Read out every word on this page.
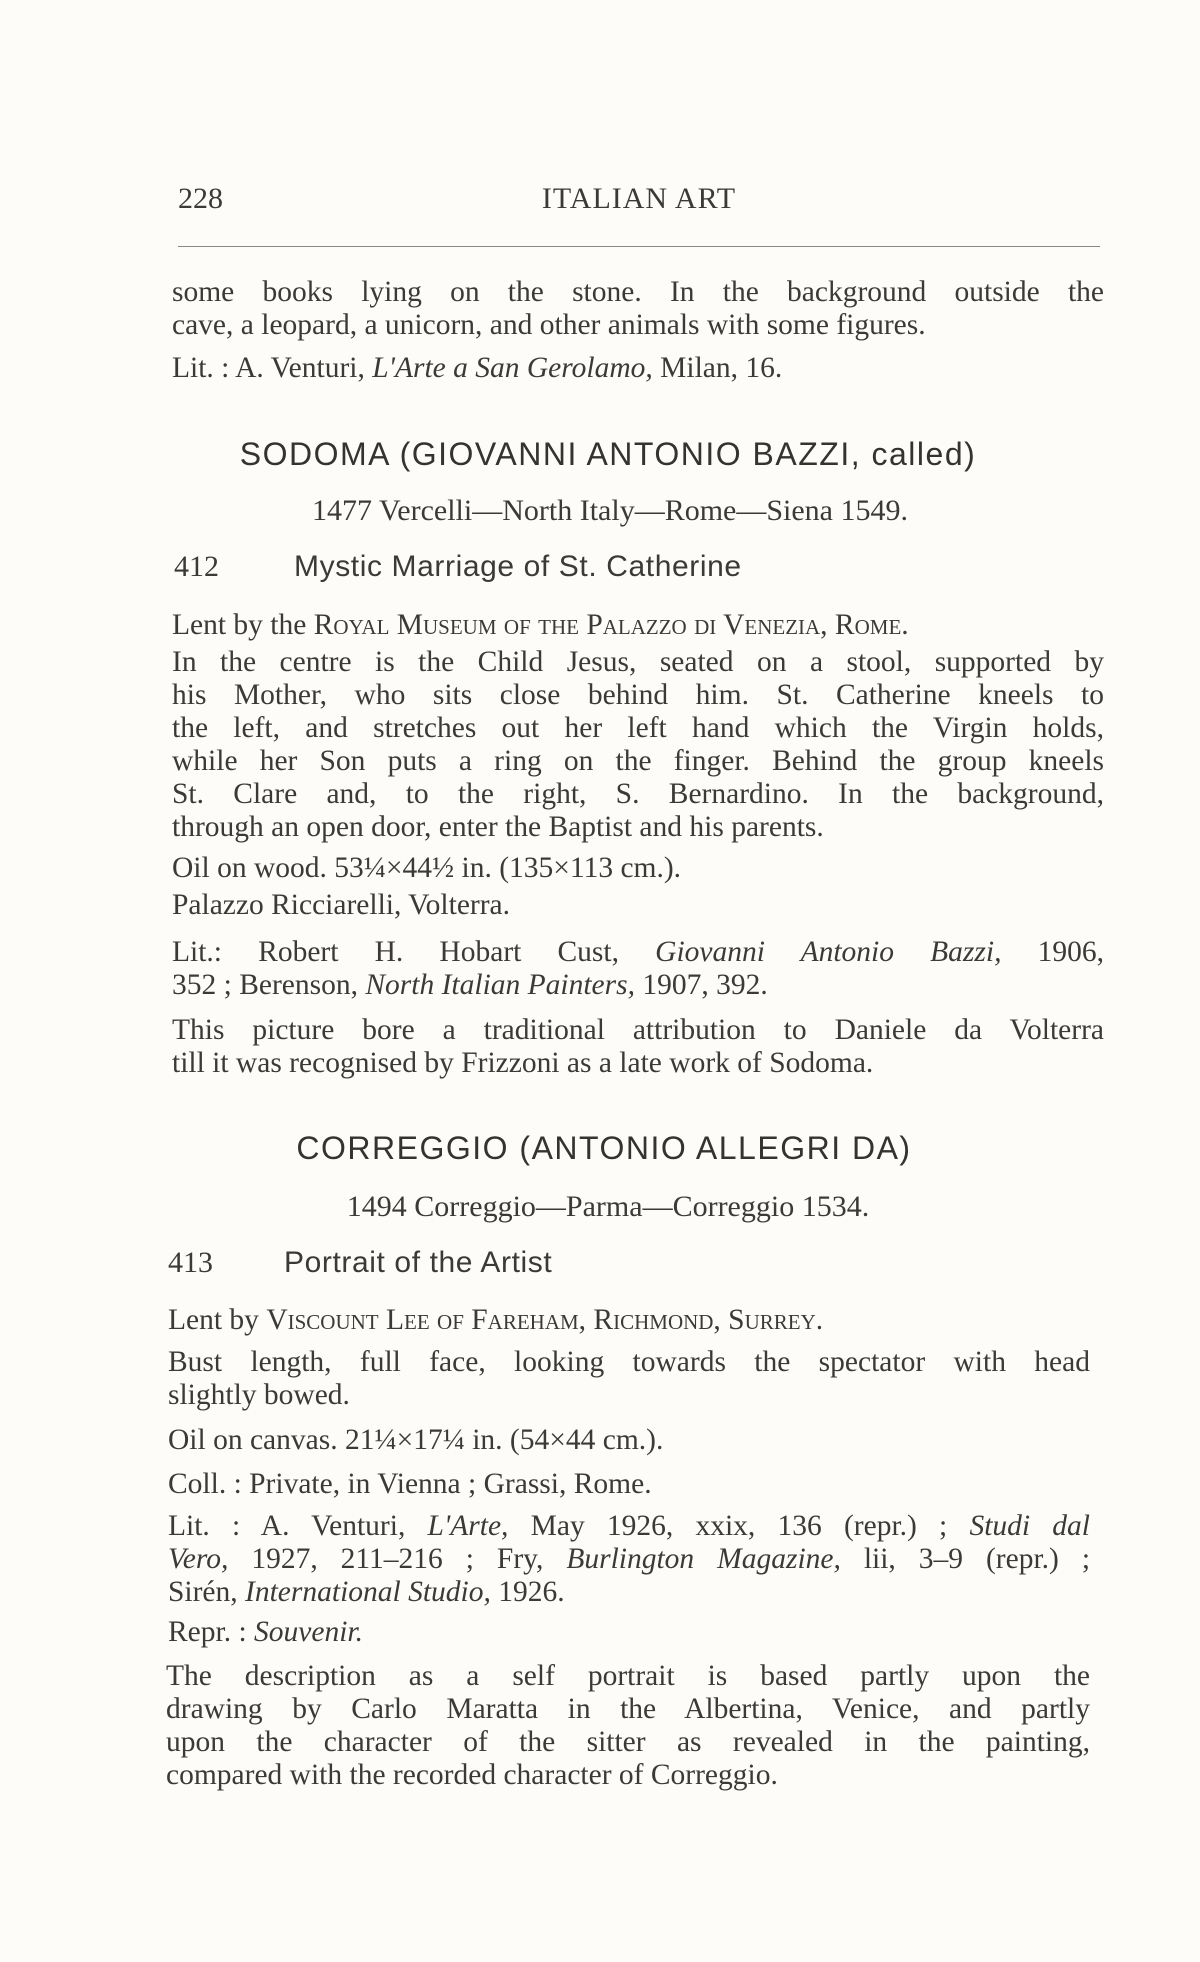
228	ITALIAN ART

some books lying on the stone. In the background outside the

cave, a leopard, a unicorn, and other animals with some figures.

Lit. : A. Venturi, L'Arte a San Gerolamo, Milan, 16.
SODOMA (GIOVANNI ANTONIO BAZZI, called)
1477 Vercelli—North Italy—Rome—Siena 1549.
412	Mystic Marriage of St. Catherine
Lent by the Royal Museum of the Palazzo di Venezia, Rome.

In the centre is the Child Jesus, seated on a stool, supported by

his Mother, who sits close behind him. St. Catherine kneels to

the left, and stretches out her left hand which the Virgin holds,

while her Son puts a ring on the finger. Behind the group kneels

St. Clare and, to the right, S. Bernardino. In the background,

through an open door, enter the Baptist and his parents.

Oil on wood. 53¼×44½ in. (135×113 cm.).
Palazzo Ricciarelli, Volterra.

Lit.: Robert H. Hobart Cust, Giovanni Antonio Bazzi, 1906,

352 ; Berenson, North Italian Painters, 1907, 392.

This picture bore a traditional attribution to Daniele da Volterra

till it was recognised by Frizzoni as a late work of Sodoma.

CORREGGIO (ANTONIO ALLEGRI DA)
1494 Correggio—Parma—Correggio 1534.
413 Portrait of the Artist
Lent by Viscount Lee of Fareham, Richmond, Surrey.

Bust length, full face, looking towards the spectator with head

slightly bowed.

Oil on canvas. 21¼×17¼ in. (54×44 cm.).
Coll. : Private, in Vienna ; Grassi, Rome.

Lit. : A. Venturi, L'Arte, May 1926, xxix, 136 (repr.) ; Studi dal

Vero, 1927, 211–216 ; Fry, Burlington Magazine, lii, 3–9 (repr.) ;

Sirén, International Studio, 1926.

Repr. : Souvenir.

The description as a self portrait is based partly upon the

drawing by Carlo Maratta in the Albertina, Venice, and partly

upon the character of the sitter as revealed in the painting,

compared with the recorded character of Correggio.
